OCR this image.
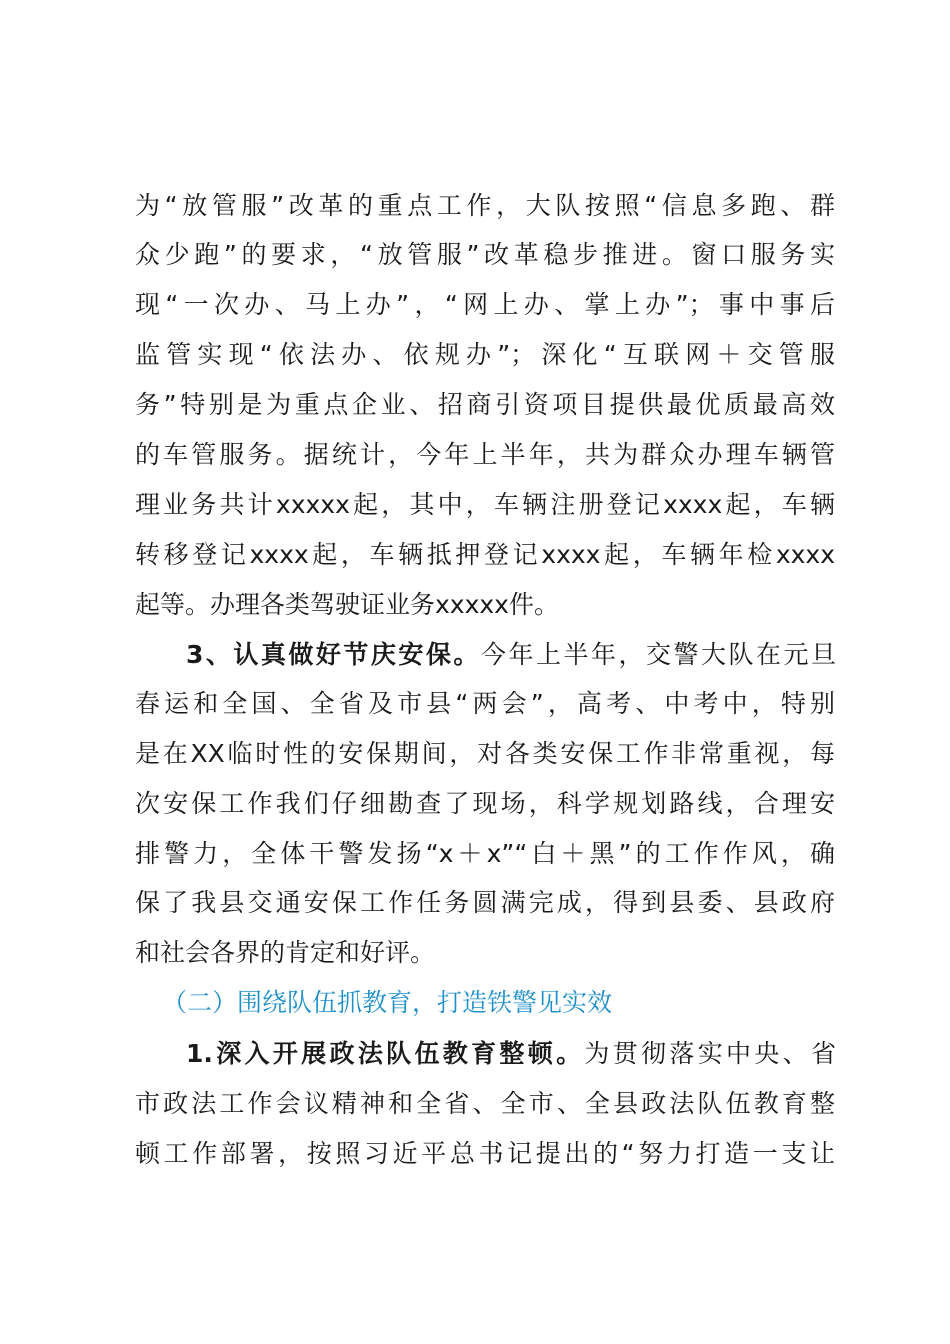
为“放管服”改革的重点工作，大队按照“信息多跑、群
众少跑”的要求，“放管服”改革稳步推进。窗口服务实
现“一次办、马上办”，“网上办、掌上办”；事中事后
监管实现“依法办、依规办”；深化“互联网＋交管服
务”特别是为重点企业、招商引资项目提供最优质最高效
的车管服务。据统计，今年上半年，共为群众办理车辆管
理业务共计xxxxx起，其中，车辆注册登记xxxx起，车辆
转移登记xxxx起，车辆抵押登记xxxx起，车辆年检xxxx
起等。办理各类驾驶证业务xxxxx件。
3、认真做好节庆安保。今年上半年，交警大队在元旦
春运和全国、全省及市县“两会”，高考、中考中，特别
是在XX临时性的安保期间，对各类安保工作非常重视，每
次安保工作我们仔细勘查了现场，科学规划路线，合理安
排警力，全体干警发扬“x＋x”“白＋黑”的工作作风，确
保了我县交通安保工作任务圆满完成，得到县委、县政府
和社会各界的肯定和好评。
（二）围绕队伍抓教育，打造铁警见实效
1.深入开展政法队伍教育整顿。为贯彻落实中央、省
市政法工作会议精神和全省、全市、全县政法队伍教育整
顿工作部署，按照习近平总书记提出的“努力打造一支让
